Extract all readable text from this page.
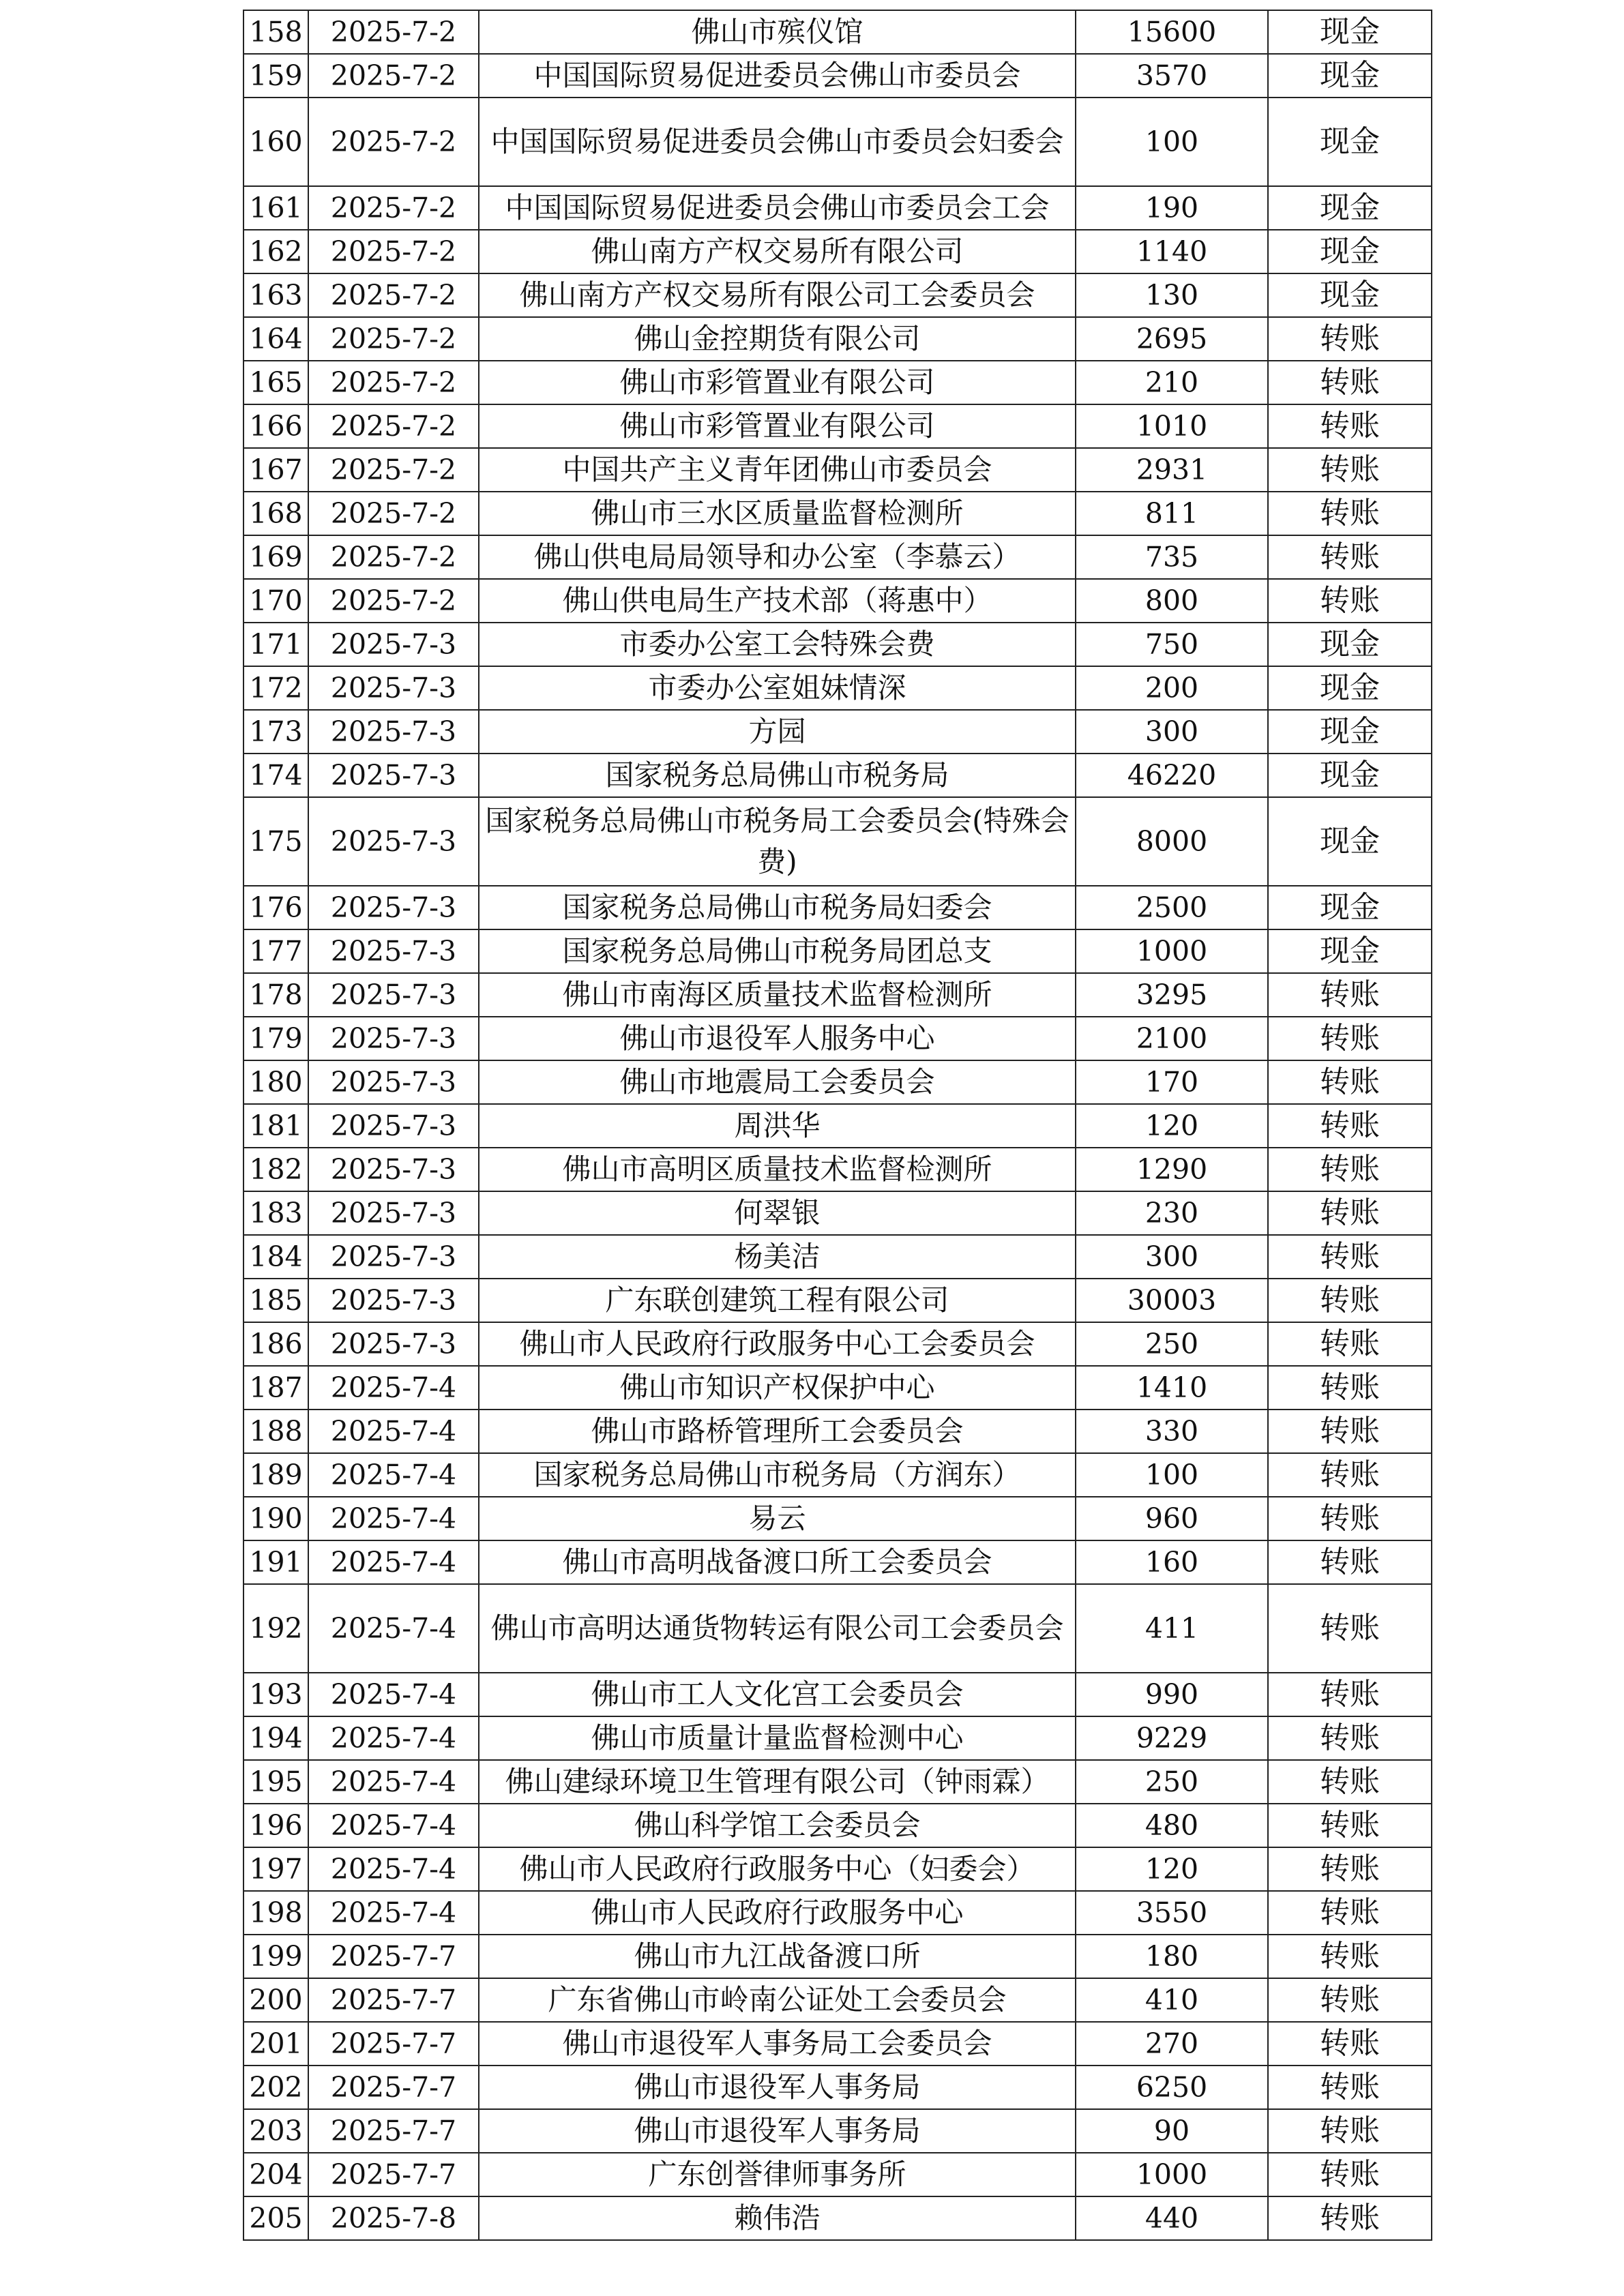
158	2025-7-2	佛山市殡仪馆	15600	现金
159	2025-7-2	中国国际贸易促进委员会佛山市委员会	3570	现金
160	2025-7-2	中国国际贸易促进委员会佛山市委员会妇委会	100	现金
161	2025-7-2	中国国际贸易促进委员会佛山市委员会工会	190	现金
162	2025-7-2	佛山南方产权交易所有限公司	1140	现金
163	2025-7-2	佛山南方产权交易所有限公司工会委员会	130	现金
164	2025-7-2	佛山金控期货有限公司	2695	转账
165	2025-7-2	佛山市彩管置业有限公司	210	转账
166	2025-7-2	佛山市彩管置业有限公司	1010	转账
167	2025-7-2	中国共产主义青年团佛山市委员会	2931	转账
168	2025-7-2	佛山市三水区质量监督检测所	811	转账
169	2025-7-2	佛山供电局局领导和办公室（李慕云）	735	转账
170	2025-7-2	佛山供电局生产技术部（蒋惠中）	800	转账
171	2025-7-3	市委办公室工会特殊会费	750	现金
172	2025-7-3	市委办公室姐妹情深	200	现金
173	2025-7-3	方园	300	现金
174	2025-7-3	国家税务总局佛山市税务局	46220	现金
175	2025-7-3	国家税务总局佛山市税务局工会委员会(特殊会费)	8000	现金
176	2025-7-3	国家税务总局佛山市税务局妇委会	2500	现金
177	2025-7-3	国家税务总局佛山市税务局团总支	1000	现金
178	2025-7-3	佛山市南海区质量技术监督检测所	3295	转账
179	2025-7-3	佛山市退役军人服务中心	2100	转账
180	2025-7-3	佛山市地震局工会委员会	170	转账
181	2025-7-3	周洪华	120	转账
182	2025-7-3	佛山市高明区质量技术监督检测所	1290	转账
183	2025-7-3	何翠银	230	转账
184	2025-7-3	杨美洁	300	转账
185	2025-7-3	广东联创建筑工程有限公司	30003	转账
186	2025-7-3	佛山市人民政府行政服务中心工会委员会	250	转账
187	2025-7-4	佛山市知识产权保护中心	1410	转账
188	2025-7-4	佛山市路桥管理所工会委员会	330	转账
189	2025-7-4	国家税务总局佛山市税务局（方润东）	100	转账
190	2025-7-4	易云	960	转账
191	2025-7-4	佛山市高明战备渡口所工会委员会	160	转账
192	2025-7-4	佛山市高明达通货物转运有限公司工会委员会	411	转账
193	2025-7-4	佛山市工人文化宫工会委员会	990	转账
194	2025-7-4	佛山市质量计量监督检测中心	9229	转账
195	2025-7-4	佛山建绿环境卫生管理有限公司（钟雨霖）	250	转账
196	2025-7-4	佛山科学馆工会委员会	480	转账
197	2025-7-4	佛山市人民政府行政服务中心（妇委会）	120	转账
198	2025-7-4	佛山市人民政府行政服务中心	3550	转账
199	2025-7-7	佛山市九江战备渡口所	180	转账
200	2025-7-7	广东省佛山市岭南公证处工会委员会	410	转账
201	2025-7-7	佛山市退役军人事务局工会委员会	270	转账
202	2025-7-7	佛山市退役军人事务局	6250	转账
203	2025-7-7	佛山市退役军人事务局	90	转账
204	2025-7-7	广东创誉律师事务所	1000	转账
205	2025-7-8	赖伟浩	440	转账
